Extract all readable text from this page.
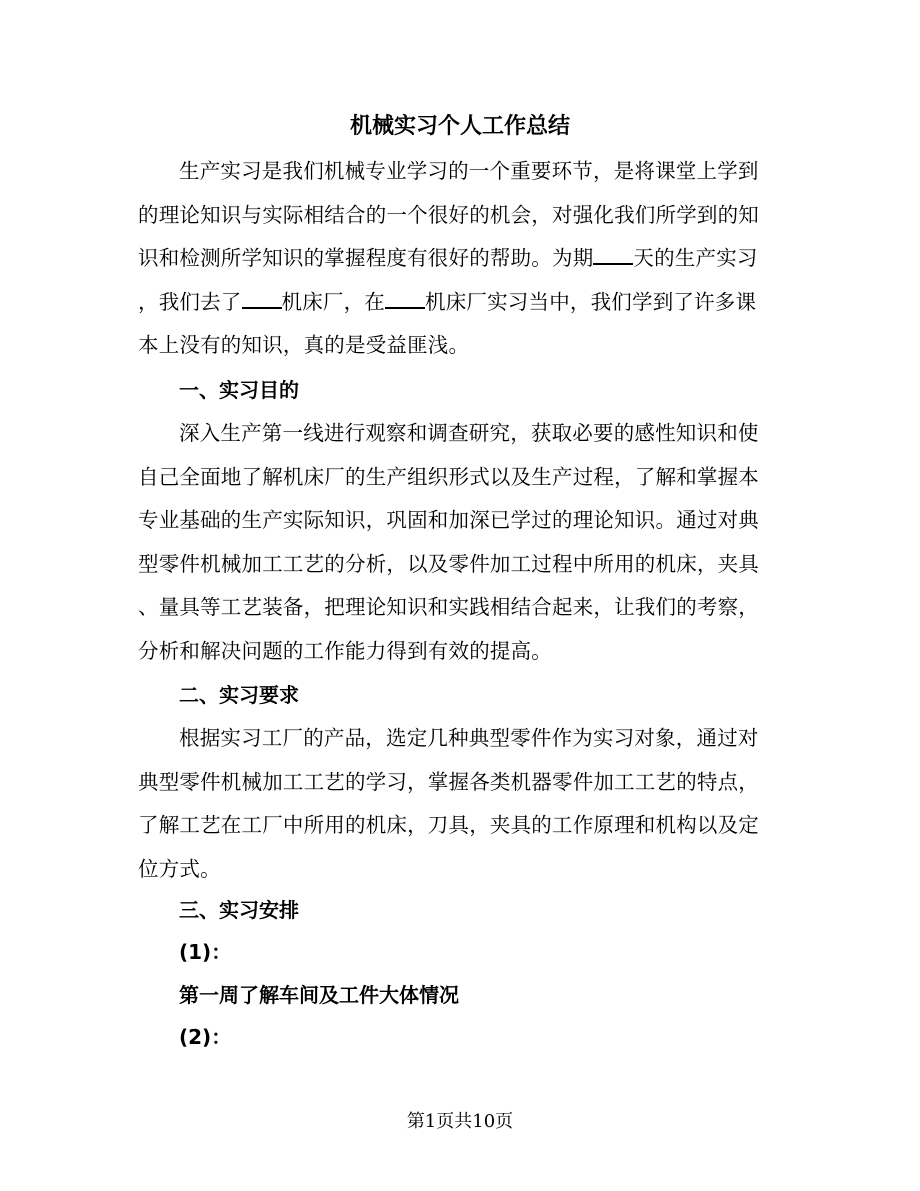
机械实习个人工作总结
生产实习是我们机械专业学习的一个重要环节，是将课堂上学到
的理论知识与实际相结合的一个很好的机会，对强化我们所学到的知
识和检测所学知识的掌握程度有很好的帮助。为期 天的生产实习
，我们去了 机床厂，在 机床厂实习当中，我们学到了许多课
本上没有的知识，真的是受益匪浅。
一、实习目的
深入生产第一线进行观察和调查研究，获取必要的感性知识和使
自己全面地了解机床厂的生产组织形式以及生产过程，了解和掌握本
专业基础的生产实际知识，巩固和加深已学过的理论知识。通过对典
型零件机械加工工艺的分析，以及零件加工过程中所用的机床，夹具
、量具等工艺装备，把理论知识和实践相结合起来，让我们的考察，
分析和解决问题的工作能力得到有效的提高。
二、实习要求
根据实习工厂的产品，选定几种典型零件作为实习对象，通过对
典型零件机械加工工艺的学习，掌握各类机器零件加工工艺的特点，
了解工艺在工厂中所用的机床，刀具，夹具的工作原理和机构以及定
位方式。
三、实习安排
(1)：
第一周了解车间及工件大体情况
(2)：
第1页共10页
